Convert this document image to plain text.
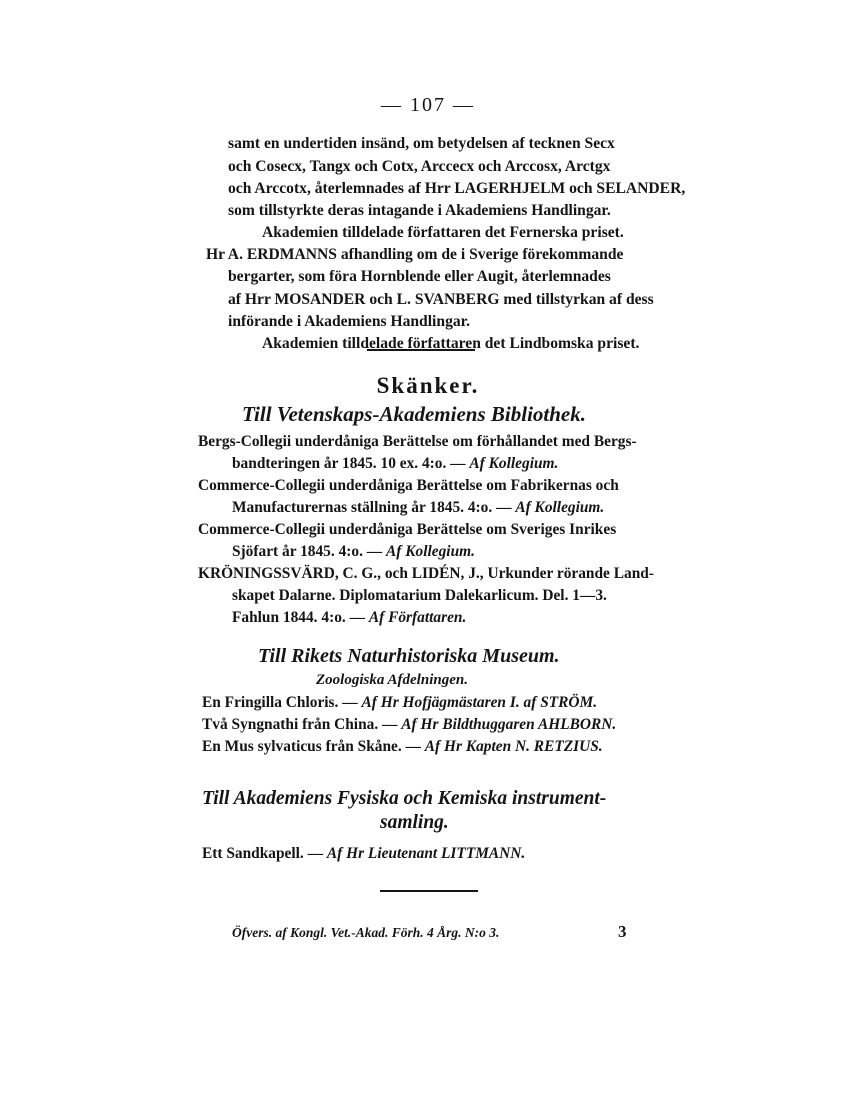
— 107 —
samt en undertiden insänd, om betydelsen af tecknen Secx
och Cosecx, Tangx och Cotx, Arccecx och Arccosx, Arctgx
och Arccotx, återlemnades af Hrr LAGERHJELM och SELANDER,
som tillstyrkte deras intagande i Akademiens Handlingar.
Akademien tilldelade författaren det Fernerska priset.
Hr A. ERDMANNS afhandling om de i Sverige förekommande
bergarter, som föra Hornblende eller Augit, återlemnades
af Hrr MOSANDER och L. SVANBERG med tillstyrkan af dess
införande i Akademiens Handlingar.
Akademien tilldelade författaren det Lindbomska priset.
Skänker.
Till Vetenskaps-Akademiens Bibliothek.
Bergs-Collegii underdåniga Berättelse om förhållandet med Bergs-
bandteringen år 1845. 10 ex. 4:o. — Af Kollegium.
Commerce-Collegii underdåniga Berättelse om Fabrikernas och
Manufacturernas ställning år 1845. 4:o. — Af Kollegium.
Commerce-Collegii underdåniga Berättelse om Sveriges Inrikes
Sjöfart år 1845. 4:o. — Af Kollegium.
KRÖNINGSSVÄRD, C. G., och LIDÉN, J., Urkunder rörande Land-
skapet Dalarne. Diplomatarium Dalekarlicum. Del. 1—3.
Fahlun 1844. 4:o. — Af Författaren.
Till Rikets Naturhistoriska Museum.
Zoologiska Afdelningen.
En Fringilla Chloris. — Af Hr Hofjägmästaren I. af STRÖM.
Två Syngnathi från China. — Af Hr Bildthuggaren AHLBORN.
En Mus sylvaticus från Skåne. — Af Hr Kapten N. RETZIUS.
Till Akademiens Fysiska och Kemiska instrument-
samling.
Ett Sandkapell. — Af Hr Lieutenant LITTMANN.
Öfvers. af Kongl. Vet.-Akad. Förh. 4 Årg. N:o 3.	3
